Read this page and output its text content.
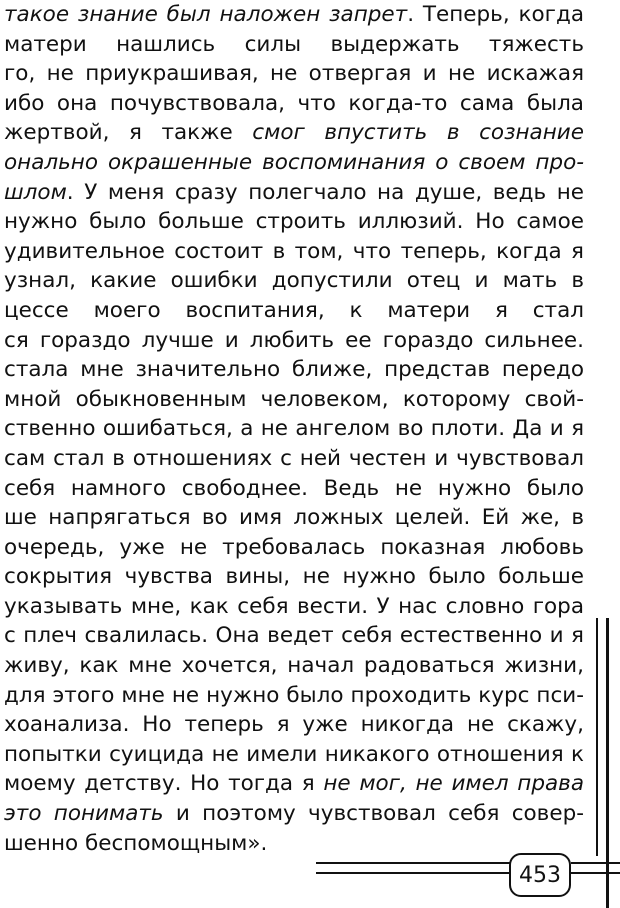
такое знание был наложен запрет. Теперь, когда
матери нашлись силы выдержать тяжесть
го, не приукрашивая, не отвергая и не искажая
ибо она почувствовала, что когда-то сама была
жертвой, я также смог впустить в сознание
онально окрашенные воспоминания о своем про-
шлом. У меня сразу полегчало на душе, ведь не
нужно было больше строить иллюзий. Но самое
удивительное состоит в том, что теперь, когда я
узнал, какие ошибки допустили отец и мать в
цессе моего воспитания, к матери я стал
ся гораздо лучше и любить ее гораздо сильнее.
стала мне значительно ближе, представ передо
мной обыкновенным человеком, которому свой-
ственно ошибаться, а не ангелом во плоти. Да и я
сам стал в отношениях с ней честен и чувствовал
себя намного свободнее. Ведь не нужно было
ше напрягаться во имя ложных целей. Ей же, в
очередь, уже не требовалась показная любовь
сокрытия чувства вины, не нужно было больше
указывать мне, как себя вести. У нас словно гора
с плеч свалилась. Она ведет себя естественно и я
живу, как мне хочется, начал радоваться жизни,
для этого мне не нужно было проходить курс пси-
хоанализа. Но теперь я уже никогда не скажу,
попытки суицида не имели никакого отношения к
моему детству. Но тогда я не мог, не имел права
это понимать и поэтому чувствовал себя совер-
шенно беспомощным».
453
